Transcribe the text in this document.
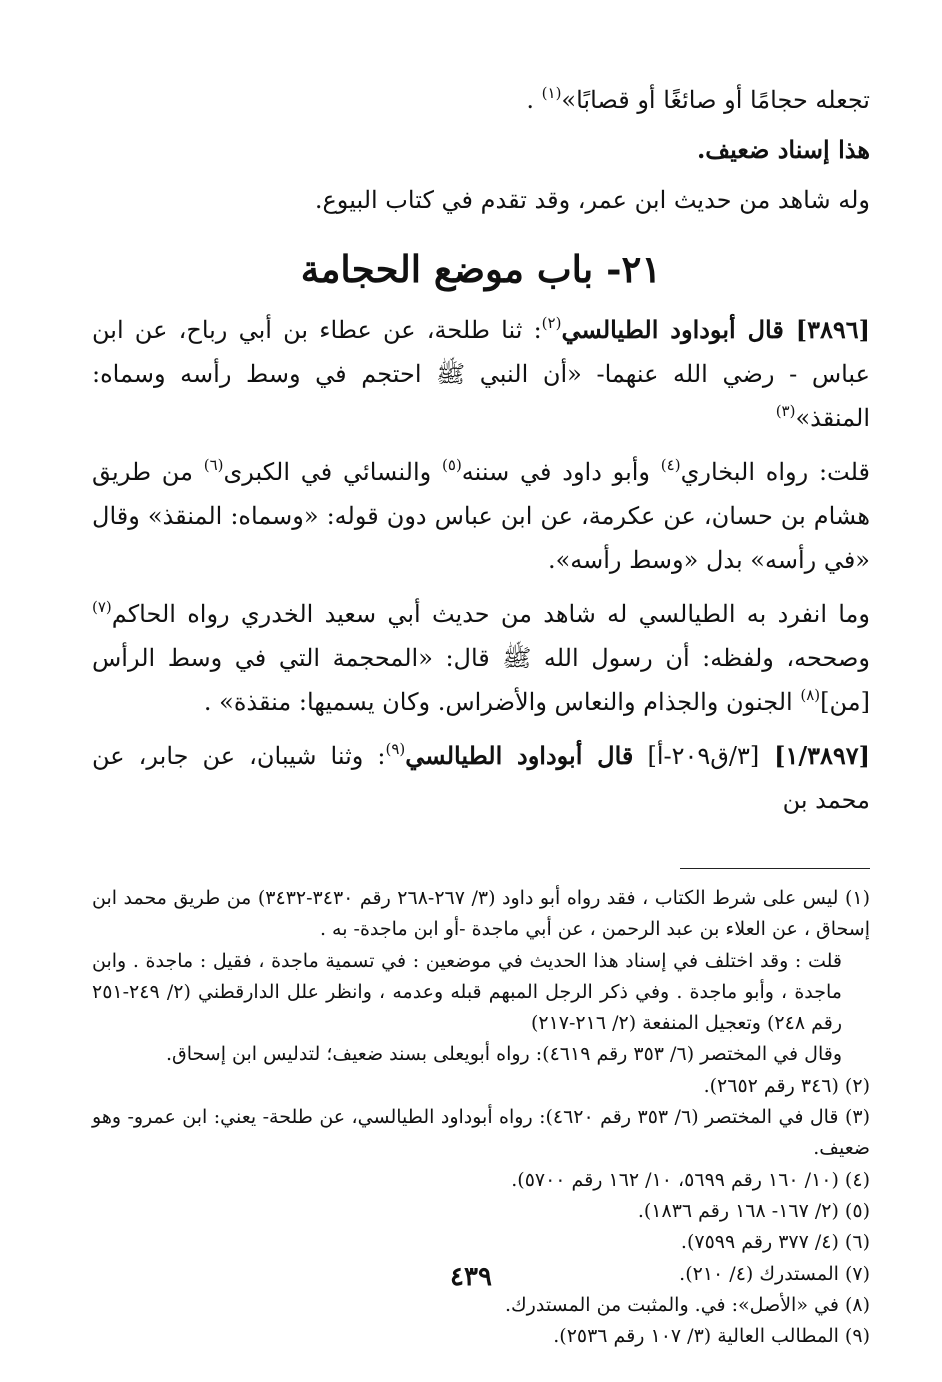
تجعله حجامًا أو صائغًا أو قصابًا»$^{(١)}$ .

هذا إسناد ضعيف.

وله شاهد من حديث ابن عمر، وقد تقدم في كتاب البيوع.

٢١- باب موضع الحجامة

[٣٨٩٦] قال أبوداود الطيالسي$^{(٢)}$: ثنا طلحة، عن عطاء بن أبي رباح، عن ابن عباس - رضي الله عنهما- «أن النبي ﷺ احتجم في وسط رأسه وسماه: المنقذ»$^{(٣)}$

قلت: رواه البخاري$^{(٤)}$ وأبو داود في سننه$^{(٥)}$ والنسائي في الكبرى$^{(٦)}$ من طريق هشام بن حسان، عن عكرمة، عن ابن عباس دون قوله: «وسماه: المنقذ» وقال «في رأسه» بدل «وسط رأسه».

وما انفرد به الطيالسي له شاهد من حديث أبي سعيد الخدري رواه الحاكم$^{(٧)}$ وصححه، ولفظه: أن رسول الله ﷺ قال: «المحجمة التي في وسط الرأس [من]$^{(٨)}$ الجنون والجذام والنعاس والأضراس. وكان يسميها: منقذة» .

[١/٣٨٩٧] [٣/ق٢٠٩-أ] قال أبوداود الطيالسي$^{(٩)}$: وثنا شيبان، عن جابر، عن محمد بن

(١) ليس على شرط الكتاب ، فقد رواه أبو داود (٣/ ٢٦٧-٢٦٨ رقم ٣٤٣٠-٣٤٣٢) من طريق محمد ابن إسحاق ، عن العلاء بن عبد الرحمن ، عن أبي ماجدة -أو ابن ماجدة- به .

قلت : وقد اختلف في إسناد هذا الحديث في موضعين : في تسمية ماجدة ، فقيل : ماجدة . وابن ماجدة ، وأبو ماجدة . وفي ذكر الرجل المبهم قبله وعدمه ، وانظر علل الدارقطني (٢/ ٢٤٩-٢٥١ رقم ٢٤٨) وتعجيل المنفعة (٢/ ٢١٦-٢١٧)

وقال في المختصر (٦/ ٣٥٣ رقم ٤٦١٩): رواه أبويعلى بسند ضعيف؛ لتدليس ابن إسحاق.

(٢) (٣٤٦ رقم ٢٦٥٢).

(٣) قال في المختصر (٦/ ٣٥٣ رقم ٤٦٢٠): رواه أبوداود الطيالسي، عن طلحة- يعني: ابن عمرو- وهو ضعيف.

(٤) (١٠/ ١٦٠ رقم ٥٦٩٩، ١٠/ ١٦٢ رقم ٥٧٠٠).

(٥) (٢/ ١٦٧- ١٦٨ رقم ١٨٣٦).

(٦) (٤/ ٣٧٧ رقم ٧٥٩٩).

(٧) المستدرك (٤/ ٢١٠).

(٨) في «الأصل»: في. والمثبت من المستدرك.

(٩) المطالب العالية (٣/ ١٠٧ رقم ٢٥٣٦).

٤٣٩
